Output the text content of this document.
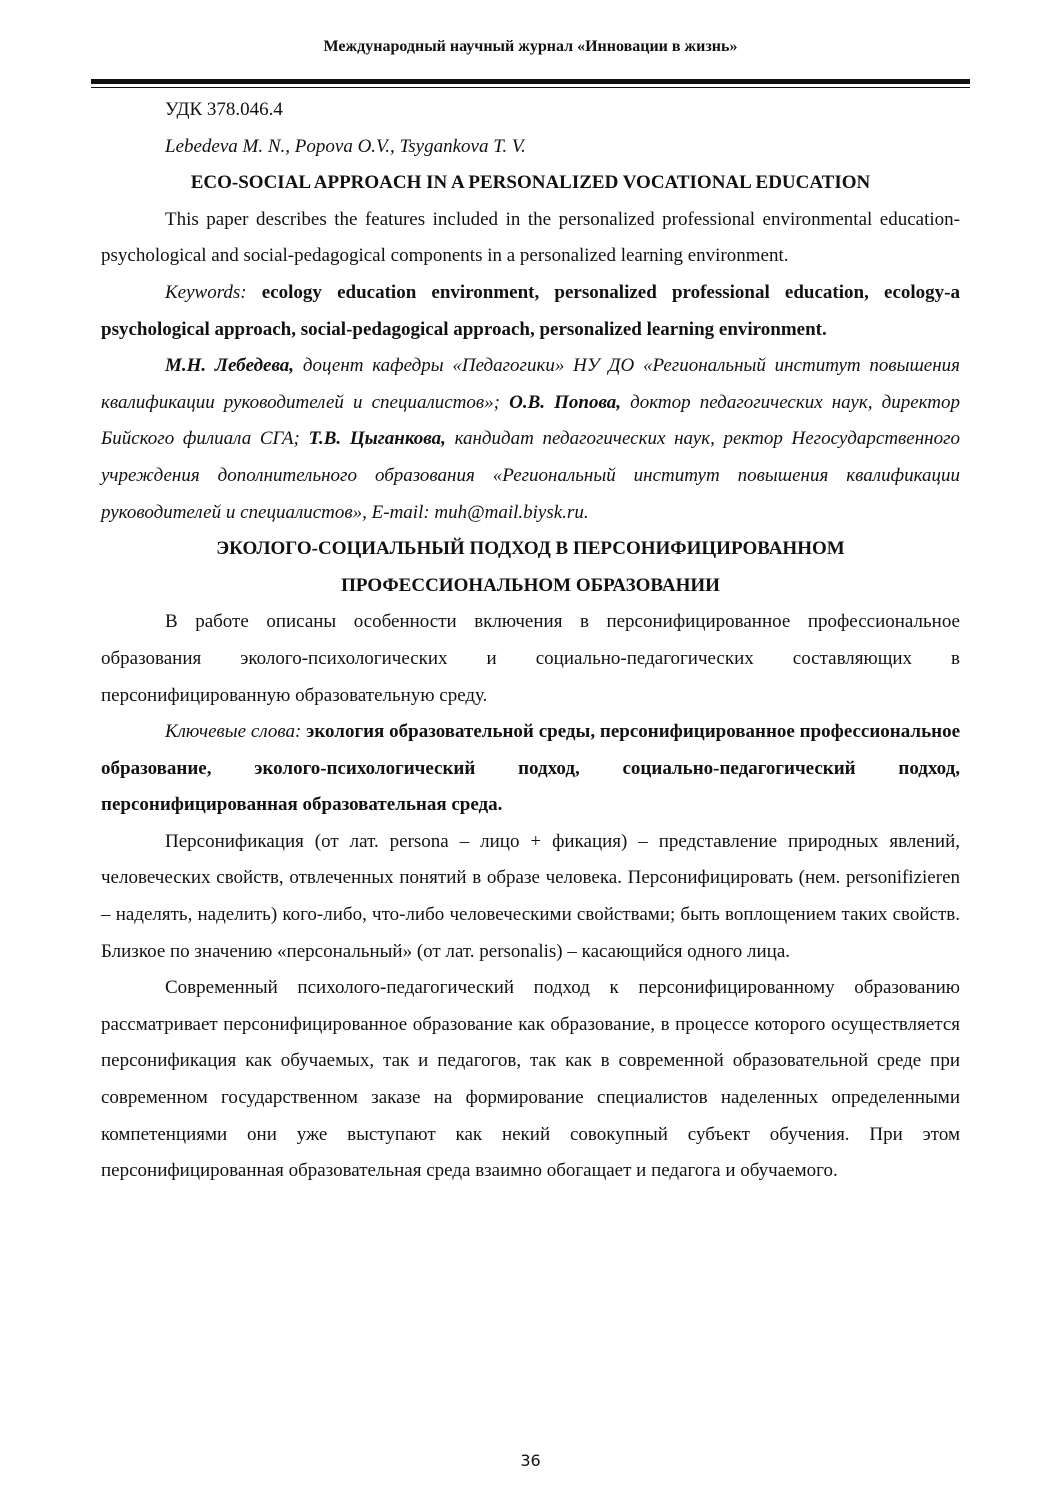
Международный научный журнал «Инновации в жизнь»

УДК 378.046.4

Lebedeva M. N., Popova O.V., Tsygankova T. V.

ECO-SOCIAL APPROACH IN A PERSONALIZED VOCATIONAL EDUCATION

This paper describes the features included in the personalized professional environmental education-psychological and social-pedagogical components in a personalized learning environment.

Keywords: ecology education environment, personalized professional education, ecology-a psychological approach, social-pedagogical approach, personalized learning environment.

М.Н. Лебедева, доцент кафедры «Педагогики» НУ ДО «Региональный институт повышения квалификации руководителей и специалистов»; О.В. Попова, доктор педагогических наук, директор Бийского филиала СГА; Т.В. Цыганкова, кандидат педагогических наук, ректор Негосударственного учреждения дополнительного образования «Региональный институт повышения квалификации руководителей и специалистов», E-mail: muh@mail.biysk.ru.

ЭКОЛОГО-СОЦИАЛЬНЫЙ ПОДХОД В ПЕРСОНИФИЦИРОВАННОМ

ПРОФЕССИОНАЛЬНОМ ОБРАЗОВАНИИ

В работе описаны особенности включения в персонифицированное профессиональное образования эколого-психологических и социально-педагогических составляющих в персонифицированную образовательную среду.

Ключевые слова: экология образовательной среды, персонифицированное профессиональное образование, эколого-психологический подход, социально-педагогический подход, персонифицированная образовательная среда.

Персонификация (от лат. persona – лицо + фикация) – представление природных явлений, человеческих свойств, отвлеченных понятий в образе человека. Персонифицировать (нем. personifizieren – наделять, наделить) кого-либо, что-либо человеческими свойствами; быть воплощением таких свойств. Близкое по значению «персональный» (от лат. personalis) – касающийся одного лица.

Современный психолого-педагогический подход к персонифицированному образованию рассматривает персонифицированное образование как образование, в процессе которого осуществляется персонификация как обучаемых, так и педагогов, так как в современной образовательной среде при современном государственном заказе на формирование специалистов наделенных определенными компетенциями они уже выступают как некий совокупный субъект обучения. При этом персонифицированная образовательная среда взаимно обогащает и педагога и обучаемого.

36
